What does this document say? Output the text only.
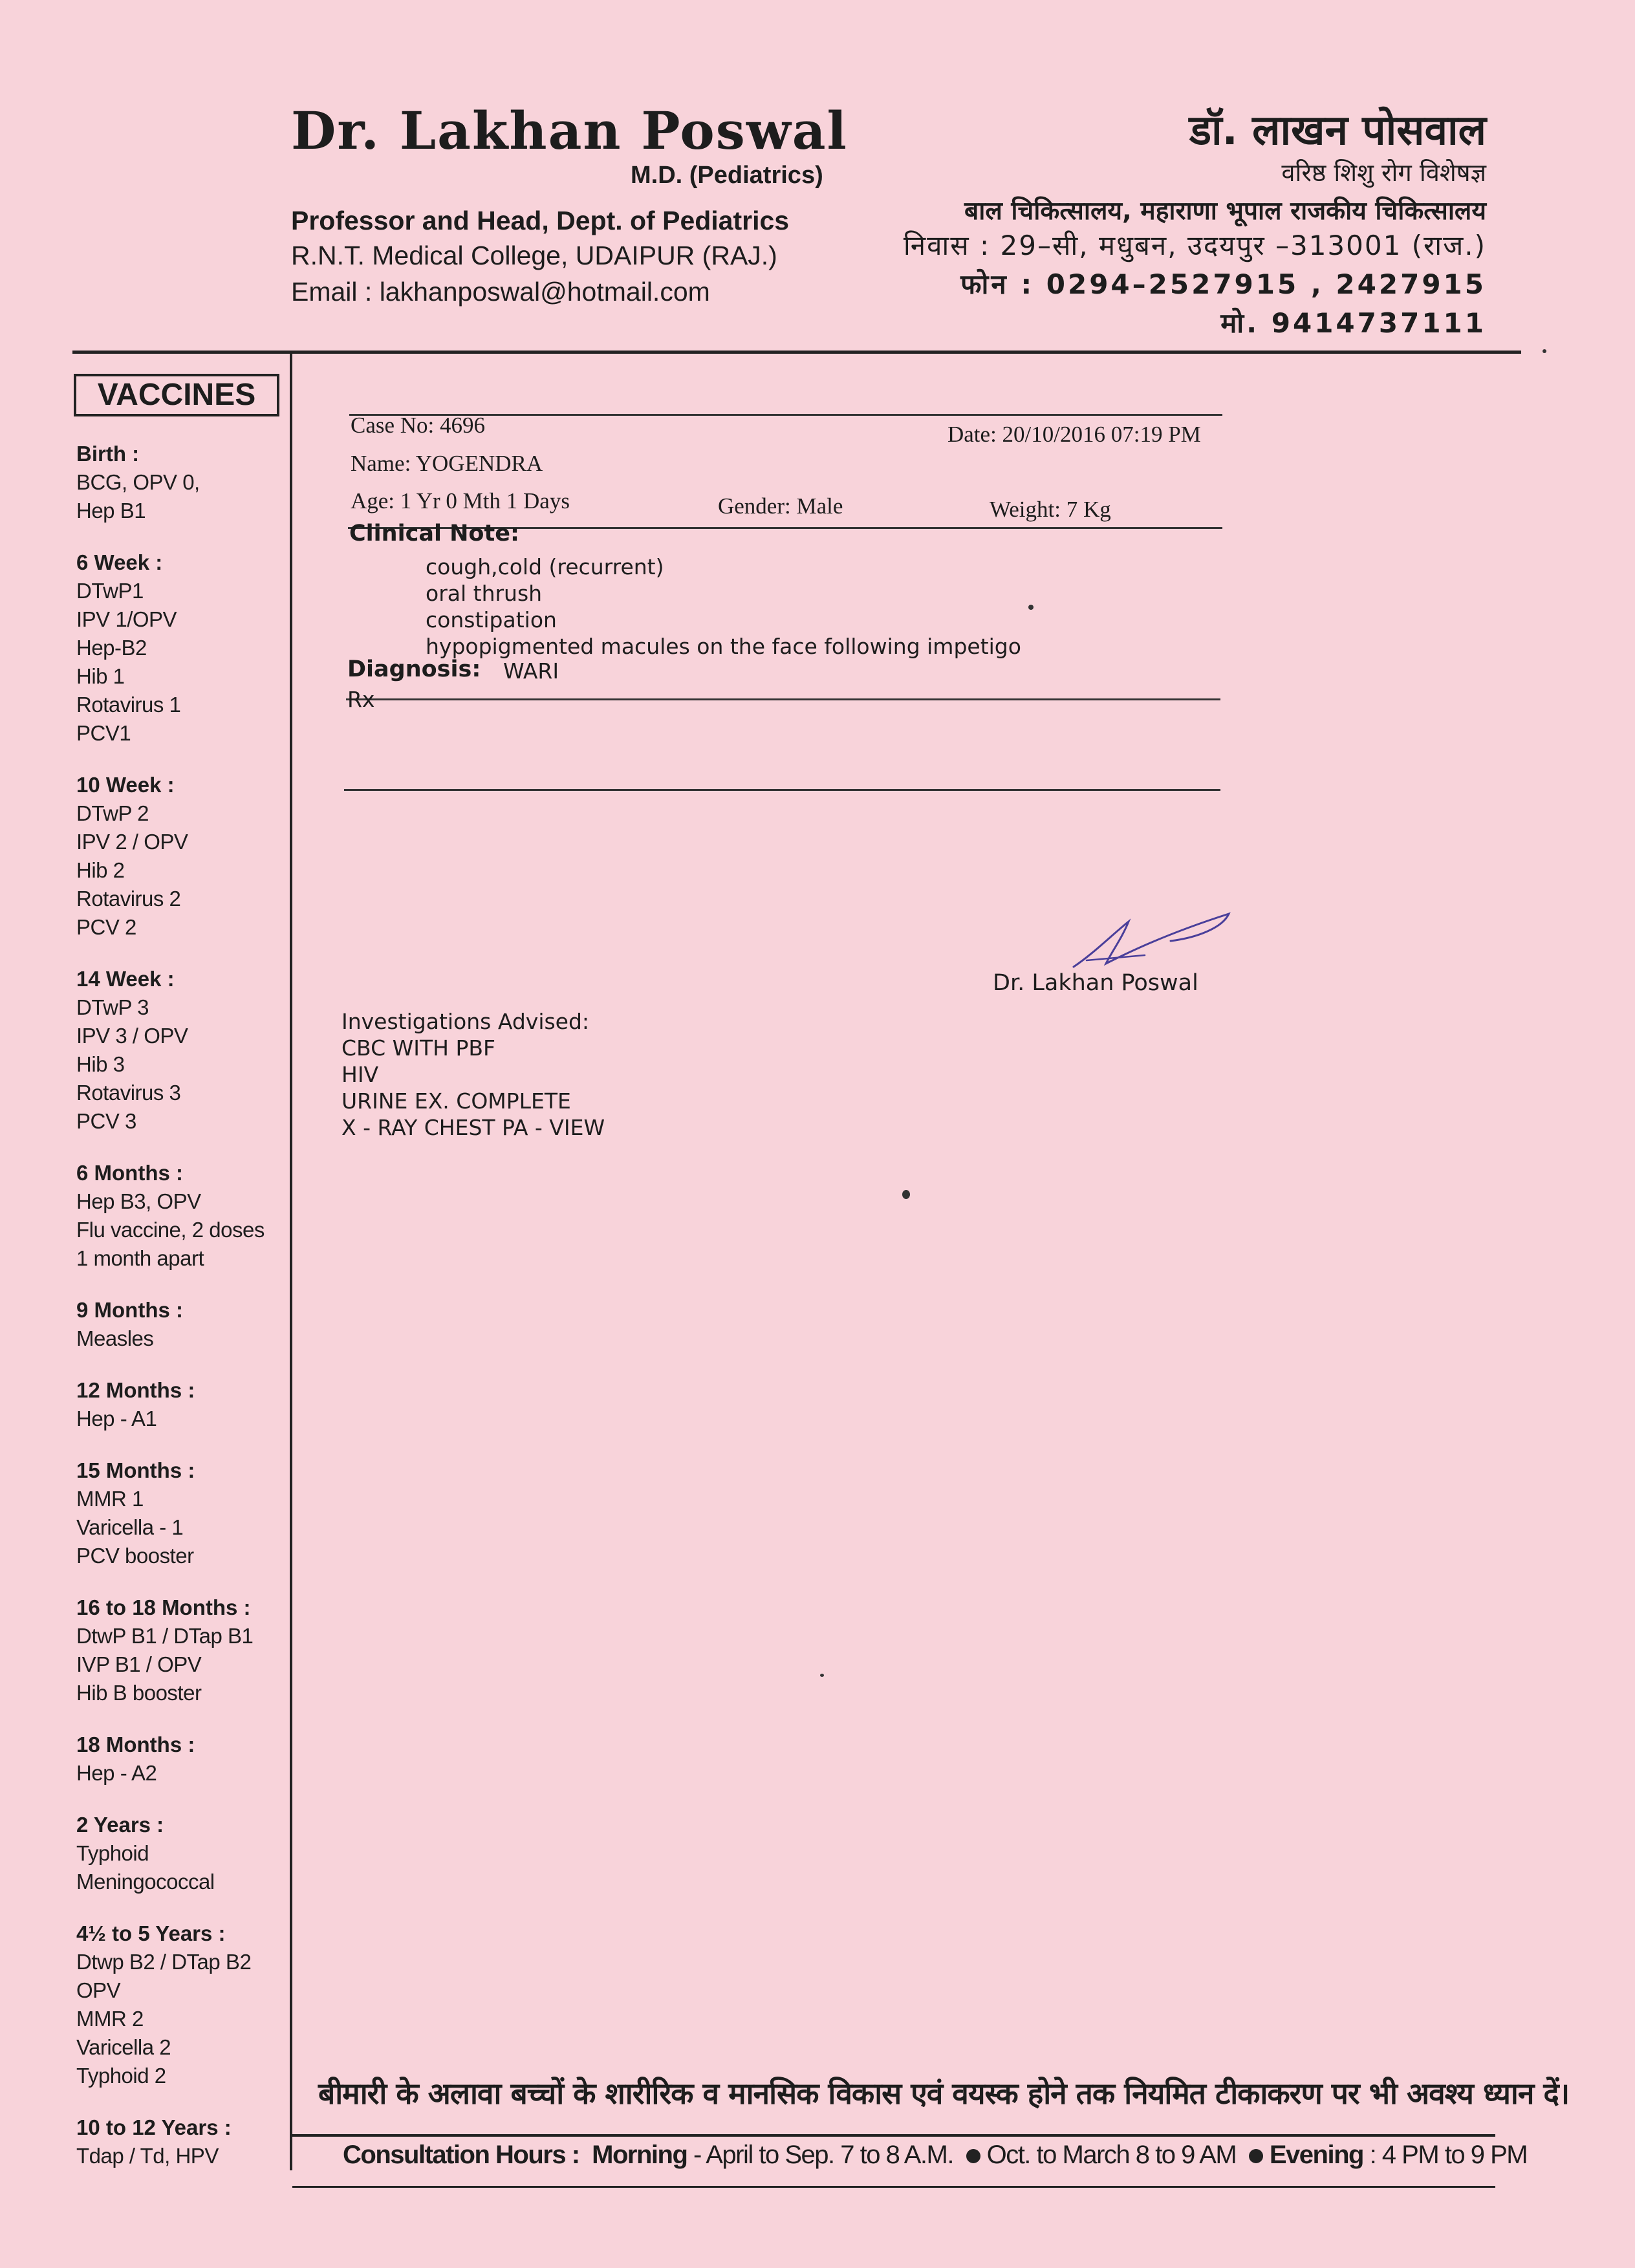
Dr. Lakhan Poswal
M.D. (Pediatrics)
Professor and Head, Dept. of Pediatrics
R.N.T. Medical College, UDAIPUR (RAJ.)
Email : lakhanposwal@hotmail.com
डॉ. लाखन पोसवाल
वरिष्ठ शिशु रोग विशेषज्ञ
बाल चिकित्सालय, महाराणा भूपाल राजकीय चिकित्सालय
निवास : 29–सी, मधुबन, उदयपुर –313001 (राज.)
फोन : 0294–2527915 , 2427915
मो. 9414737111
VACCINES
Birth :
BCG, OPV 0,
Hep B1
6 Week :
DTwP1
IPV 1/OPV
Hep-B2
Hib 1
Rotavirus 1
PCV1
10 Week :
DTwP 2
IPV 2 / OPV
Hib 2
Rotavirus 2
PCV 2
14 Week :
DTwP 3
IPV 3 / OPV
Hib 3
Rotavirus 3
PCV 3
6 Months :
Hep B3, OPV
Flu vaccine, 2 doses
1 month apart
9 Months :
Measles
12 Months :
Hep - A1
15 Months :
MMR 1
Varicella - 1
PCV booster
16 to 18 Months :
DtwP B1 / DTap B1
IVP B1 / OPV
Hib B booster
18 Months :
Hep - A2
2 Years :
Typhoid
Meningococcal
4½ to 5 Years :
Dtwp B2 / DTap B2
OPV
MMR 2
Varicella 2
Typhoid 2
10 to 12 Years :
Tdap / Td, HPV
Case No: 4696	Date: 20/10/2016 07:19 PM
Name: YOGENDRA
Age: 1 Yr 0 Mth 1 Days	Gender: Male	Weight: 7 Kg
Clinical Note:
cough,cold (recurrent)
oral thrush
constipation
hypopigmented macules on the face following impetigo
Diagnosis: WARI
Rx
Dr. Lakhan Poswal
Investigations Advised:
CBC WITH PBF
HIV
URINE EX. COMPLETE
X - RAY CHEST PA - VIEW
बीमारी के अलावा बच्चों के शारीरिक व मानसिक विकास एवं वयस्क होने तक नियमित टीकाकरण पर भी अवश्य ध्यान दें।
Consultation Hours : Morning - April to Sep. 7 to 8 A.M. Oct. to March 8 to 9 AM Evening : 4 PM to 9 PM
